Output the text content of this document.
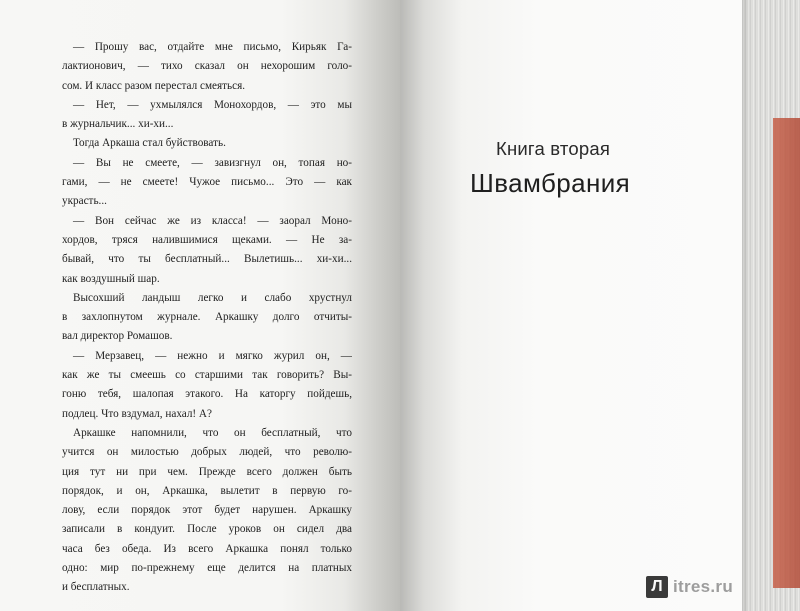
— Прошу вас, отдайте мне письмо, Кирьяк Га-
лактионович, — тихо сказал он нехорошим голо-
сом. И класс разом перестал смеяться.
— Нет, — ухмылялся Монохордов, — это мы
в журнальчик... хи-хи...
Тогда Аркаша стал буйствовать.
— Вы не смеете, — завизгнул он, топая но-
гами, — не смеете! Чужое письмо... Это — как
украсть...
— Вон сейчас же из класса! — заорал Моно-
хордов, тряся налившимися щеками. — Не за-
бывай, что ты бесплатный... Вылетишь... хи-хи...
как воздушный шар.
Высохший ландыш легко и слабо хрустнул
в захлопнутом журнале. Аркашку долго отчиты-
вал директор Ромашов.
— Мерзавец, — нежно и мягко журил он, —
как же ты смеешь со старшими так говорить? Вы-
гоню тебя, шалопая этакого. На каторгу пойдешь,
подлец. Что вздумал, нахал! А?
Аркашке напомнили, что он бесплатный, что
учится он милостью добрых людей, что револю-
ция тут ни при чем. Прежде всего должен быть
порядок, и он, Аркашка, вылетит в первую го-
лову, если порядок этот будет нарушен. Аркашку
записали в кондуит. После уроков он сидел два
часа без обеда. Из всего Аркашка понял только
одно: мир по-прежнему еще делится на платных
и бесплатных.
Книга вторая
Швамбрания
Л itres.ru
